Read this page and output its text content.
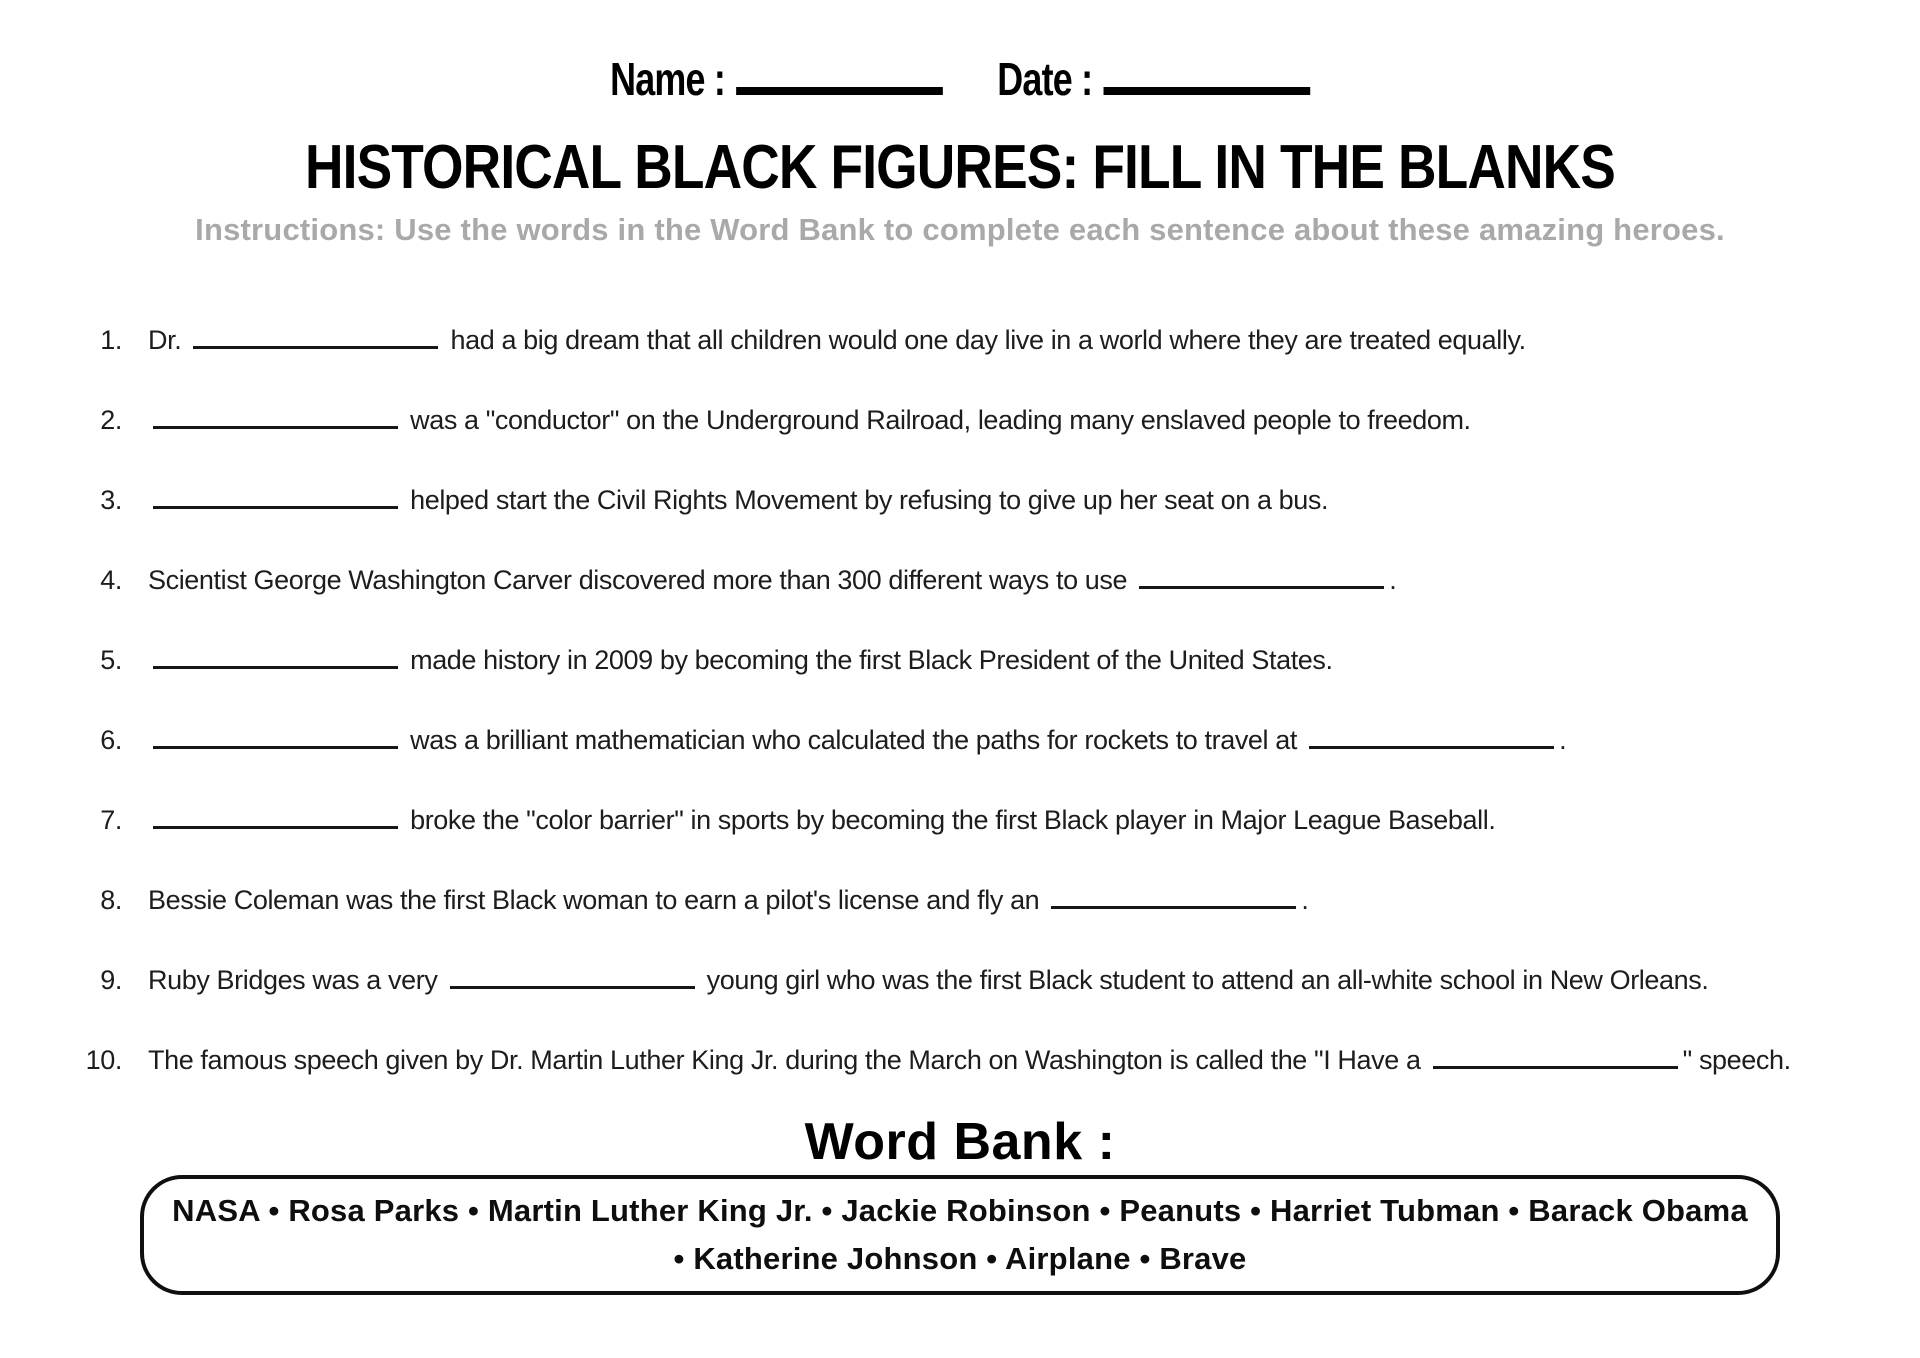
Name :	Date :
HISTORICAL BLACK FIGURES: FILL IN THE BLANKS
Instructions: Use the words in the Word Bank to complete each sentence about these amazing heroes.
1. Dr.	had a big dream that all children would one day live in a world where they are treated equally.
2.	was a "conductor" on the Underground Railroad, leading many enslaved people to freedom.
3.	helped start the Civil Rights Movement by refusing to give up her seat on a bus.
4. Scientist George Washington Carver discovered more than 300 different ways to use	.
5.	made history in 2009 by becoming the first Black President of the United States.
6.	was a brilliant mathematician who calculated the paths for rockets to travel at	.
7.	broke the "color barrier" in sports by becoming the first Black player in Major League Baseball.
8. Bessie Coleman was the first Black woman to earn a pilot's license and fly an	.
9. Ruby Bridges was a very	young girl who was the first Black student to attend an all-white school in New Orleans.
10. The famous speech given by Dr. Martin Luther King Jr. during the March on Washington is called the "I Have a	" speech.
Word Bank :
NASA • Rosa Parks • Martin Luther King Jr. • Jackie Robinson • Peanuts • Harriet Tubman • Barack Obama
• Katherine Johnson • Airplane • Brave
